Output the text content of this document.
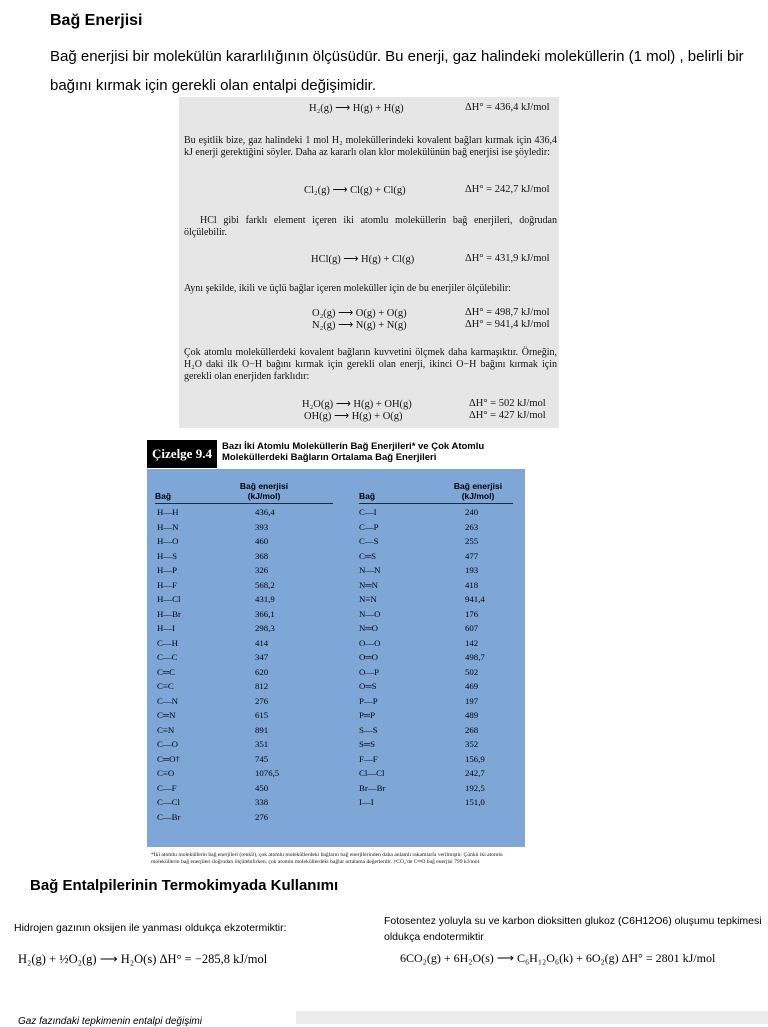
Bağ Enerjisi
Bağ enerjisi bir molekülün kararlılığının ölçüsüdür. Bu enerji, gaz halindeki moleküllerin (1 mol) , belirli bir bağını kırmak için gerekli olan entalpi değişimidir.
H₂(g) ⟶ H(g) + H(g)	ΔH° = 436,4 kJ/mol

Bu eşitlik bize, gaz halindeki 1 mol H₂ moleküllerindeki kovalent bağları kırmak için 436,4 kJ enerji gerektiğini söyler. Daha az kararlı olan klor molekülünün bağ enerjisi ise şöyledir:

Cl₂(g) ⟶ Cl(g) + Cl(g)	ΔH° = 242,7 kJ/mol

HCl gibi farklı element içeren iki atomlu moleküllerin bağ enerjileri, doğrudan ölçülebilir.

HCl(g) ⟶ H(g) + Cl(g)	ΔH° = 431,9 kJ/mol

Aynı şekilde, ikili ve üçlü bağlar içeren moleküller için de bu enerjiler ölçülebilir:

O₂(g) ⟶ O(g) + O(g)	ΔH° = 498,7 kJ/mol
N₂(g) ⟶ N(g) + N(g)	ΔH° = 941,4 kJ/mol

Çok atomlu moleküllerdeki kovalent bağların kuvvetini ölçmek daha karmaşıktır. Örneğin, H₂O daki ilk O−H bağını kırmak için gerekli olan enerji, ikinci O−H bağını kırmak için gerekli olan enerjiden farklıdır:

H₂O(g) ⟶ H(g) + OH(g)	ΔH° = 502 kJ/mol
OH(g) ⟶ H(g) + O(g)	ΔH° = 427 kJ/mol
Çizelge 9.4	Bazı İki Atomlu Moleküllerin Bağ Enerjileri* ve Çok Atomlu Moleküllerdeki Bağların Ortalama Bağ Enerjileri
Bağ
Bağ enerjisi
(kJ/mol)	Bağ
Bağ enerjisi
(kJ/mol)
H—H	436,4
H—N	393
H—O	460
H—S	368
H—P	326
H—F	568,2
H—Cl	431,9
H—Br	366,1
H—I	298,3
C—H	414
C—C	347
C═C	620
C≡C	812
C—N	276
C═N	615
C≡N	891
C—O	351
C═O†	745
C≡O	1076,5
C—F	450
C—Cl	338
C—Br	276
C—I	240
C—P	263
C—S	255
C═S	477
N—N	193
N═N	418
N≡N	941,4
N—O	176
N═O	607
O—O	142
O═O	498,7
O—P	502
O═S	469
P—P	197
P═P	489
S—S	268
S═S	352
F—F	156,9
Cl—Cl	242,7
Br—Br	192,5
I—I	151,0
*İki atomlu moleküllerin bağ enerjileri (renkli), çok atomlu moleküllerdeki bağların bağ enerjilerinden daha anlamlı rakamlarla verilmiştir. Çünkü iki atomlu moleküllerin bağ enerjileri doğrudan ölçülebilirken, çok atomlu moleküllerdeki bağlar ortalama değerlerdir. †CO₂'de C═O bağ enerjisi 799 kJ/mol.
Bağ Entalpilerinin Termokimyada Kullanımı
Hidrojen gazının oksijen ile yanması oldukça ekzotermiktir:
Fotosentez yoluyla su ve karbon dioksitten glukoz (C6H12O6) oluşumu tepkimesi oldukça endotermiktir
H₂(g) + ½O₂(g) ⟶ H₂O(s) ΔH° = −285,8 kJ/mol	6CO₂(g) + 6H₂O(s) ⟶ C₆H₁₂O₆(k) + 6O₂(g) ΔH° = 2801 kJ/mol
Gaz fazındaki tepkimenin entalpi değişimi
